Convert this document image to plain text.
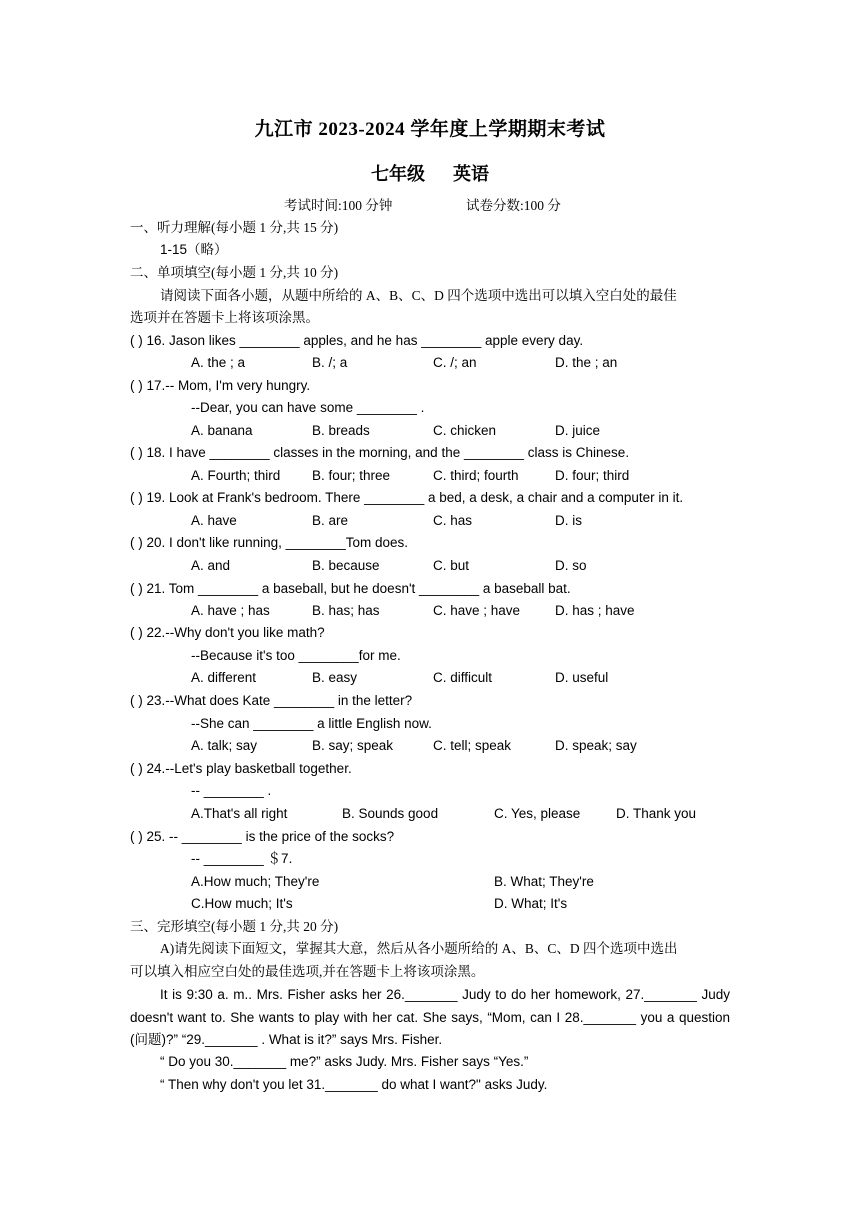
九江市 2023-2024 学年度上学期期末考试
七年级 英语
考试时间:100 分钟	试卷分数:100 分
一、听力理解(每小题 1 分,共 15 分)
1-15（略）
二、单项填空(每小题 1 分,共 10 分)
请阅读下面各小题，从题中所给的 A、B、C、D 四个选项中选出可以填入空白处的最佳
选项并在答题卡上将该项涂黑。
( ) 16. Jason likes ________ apples, and he has ________ apple every day.
A. the ; a	B. /; a	C. /; an	D. the ; an
( ) 17.-- Mom, I'm very hungry.
--Dear, you can have some ________ .
A. banana	B. breads	C. chicken	D. juice
( ) 18. I have ________ classes in the morning, and the ________ class is Chinese.
A. Fourth; third B. four; three	C. third; fourth	D. four; third
( ) 19. Look at Frank's bedroom. There ________ a bed, a desk, a chair and a computer in it.
A. have	B. are	C. has	D. is
( ) 20. I don't like running, ________Tom does.
A. and	B. because	C. but	D. so
( ) 21. Tom ________ a baseball, but he doesn't ________ a baseball bat.
A. have ; has	B. has; has	C. have ; have	D. has ; have
( ) 22.--Why don't you like math?
--Because it's too ________for me.
A. different	B. easy	C. difficult	D. useful
( ) 23.--What does Kate ________ in the letter?
--She can ________ a little English now.
A. talk; say	B. say; speak	C. tell; speak	D. speak; say
( ) 24.--Let's play basketball together.
-- ________ .
A.That's all right	B. Sounds good	C. Yes, please	D. Thank you
( ) 25. -- ________ is the price of the socks?
-- ________ ＄7.
A.How much; They're	B. What; They're
C.How much; It's	D. What; It's
三、完形填空(每小题 1 分,共 20 分)
A)请先阅读下面短文，掌握其大意，然后从各小题所给的 A、B、C、D 四个选项中选出
可以填入相应空白处的最佳选项,并在答题卡上将该项涂黑。
It is 9:30 a. m.. Mrs. Fisher asks her 26._______ Judy to do her homework, 27._______ Judy doesn't want to. She wants to play with her cat. She says, “Mom, can I 28._______ you a question (问题)?” “29._______ . What is it?” says Mrs. Fisher.
“ Do you 30._______ me?” asks Judy. Mrs. Fisher says “Yes.”
“ Then why don't you let 31._______ do what I want?" asks Judy.
